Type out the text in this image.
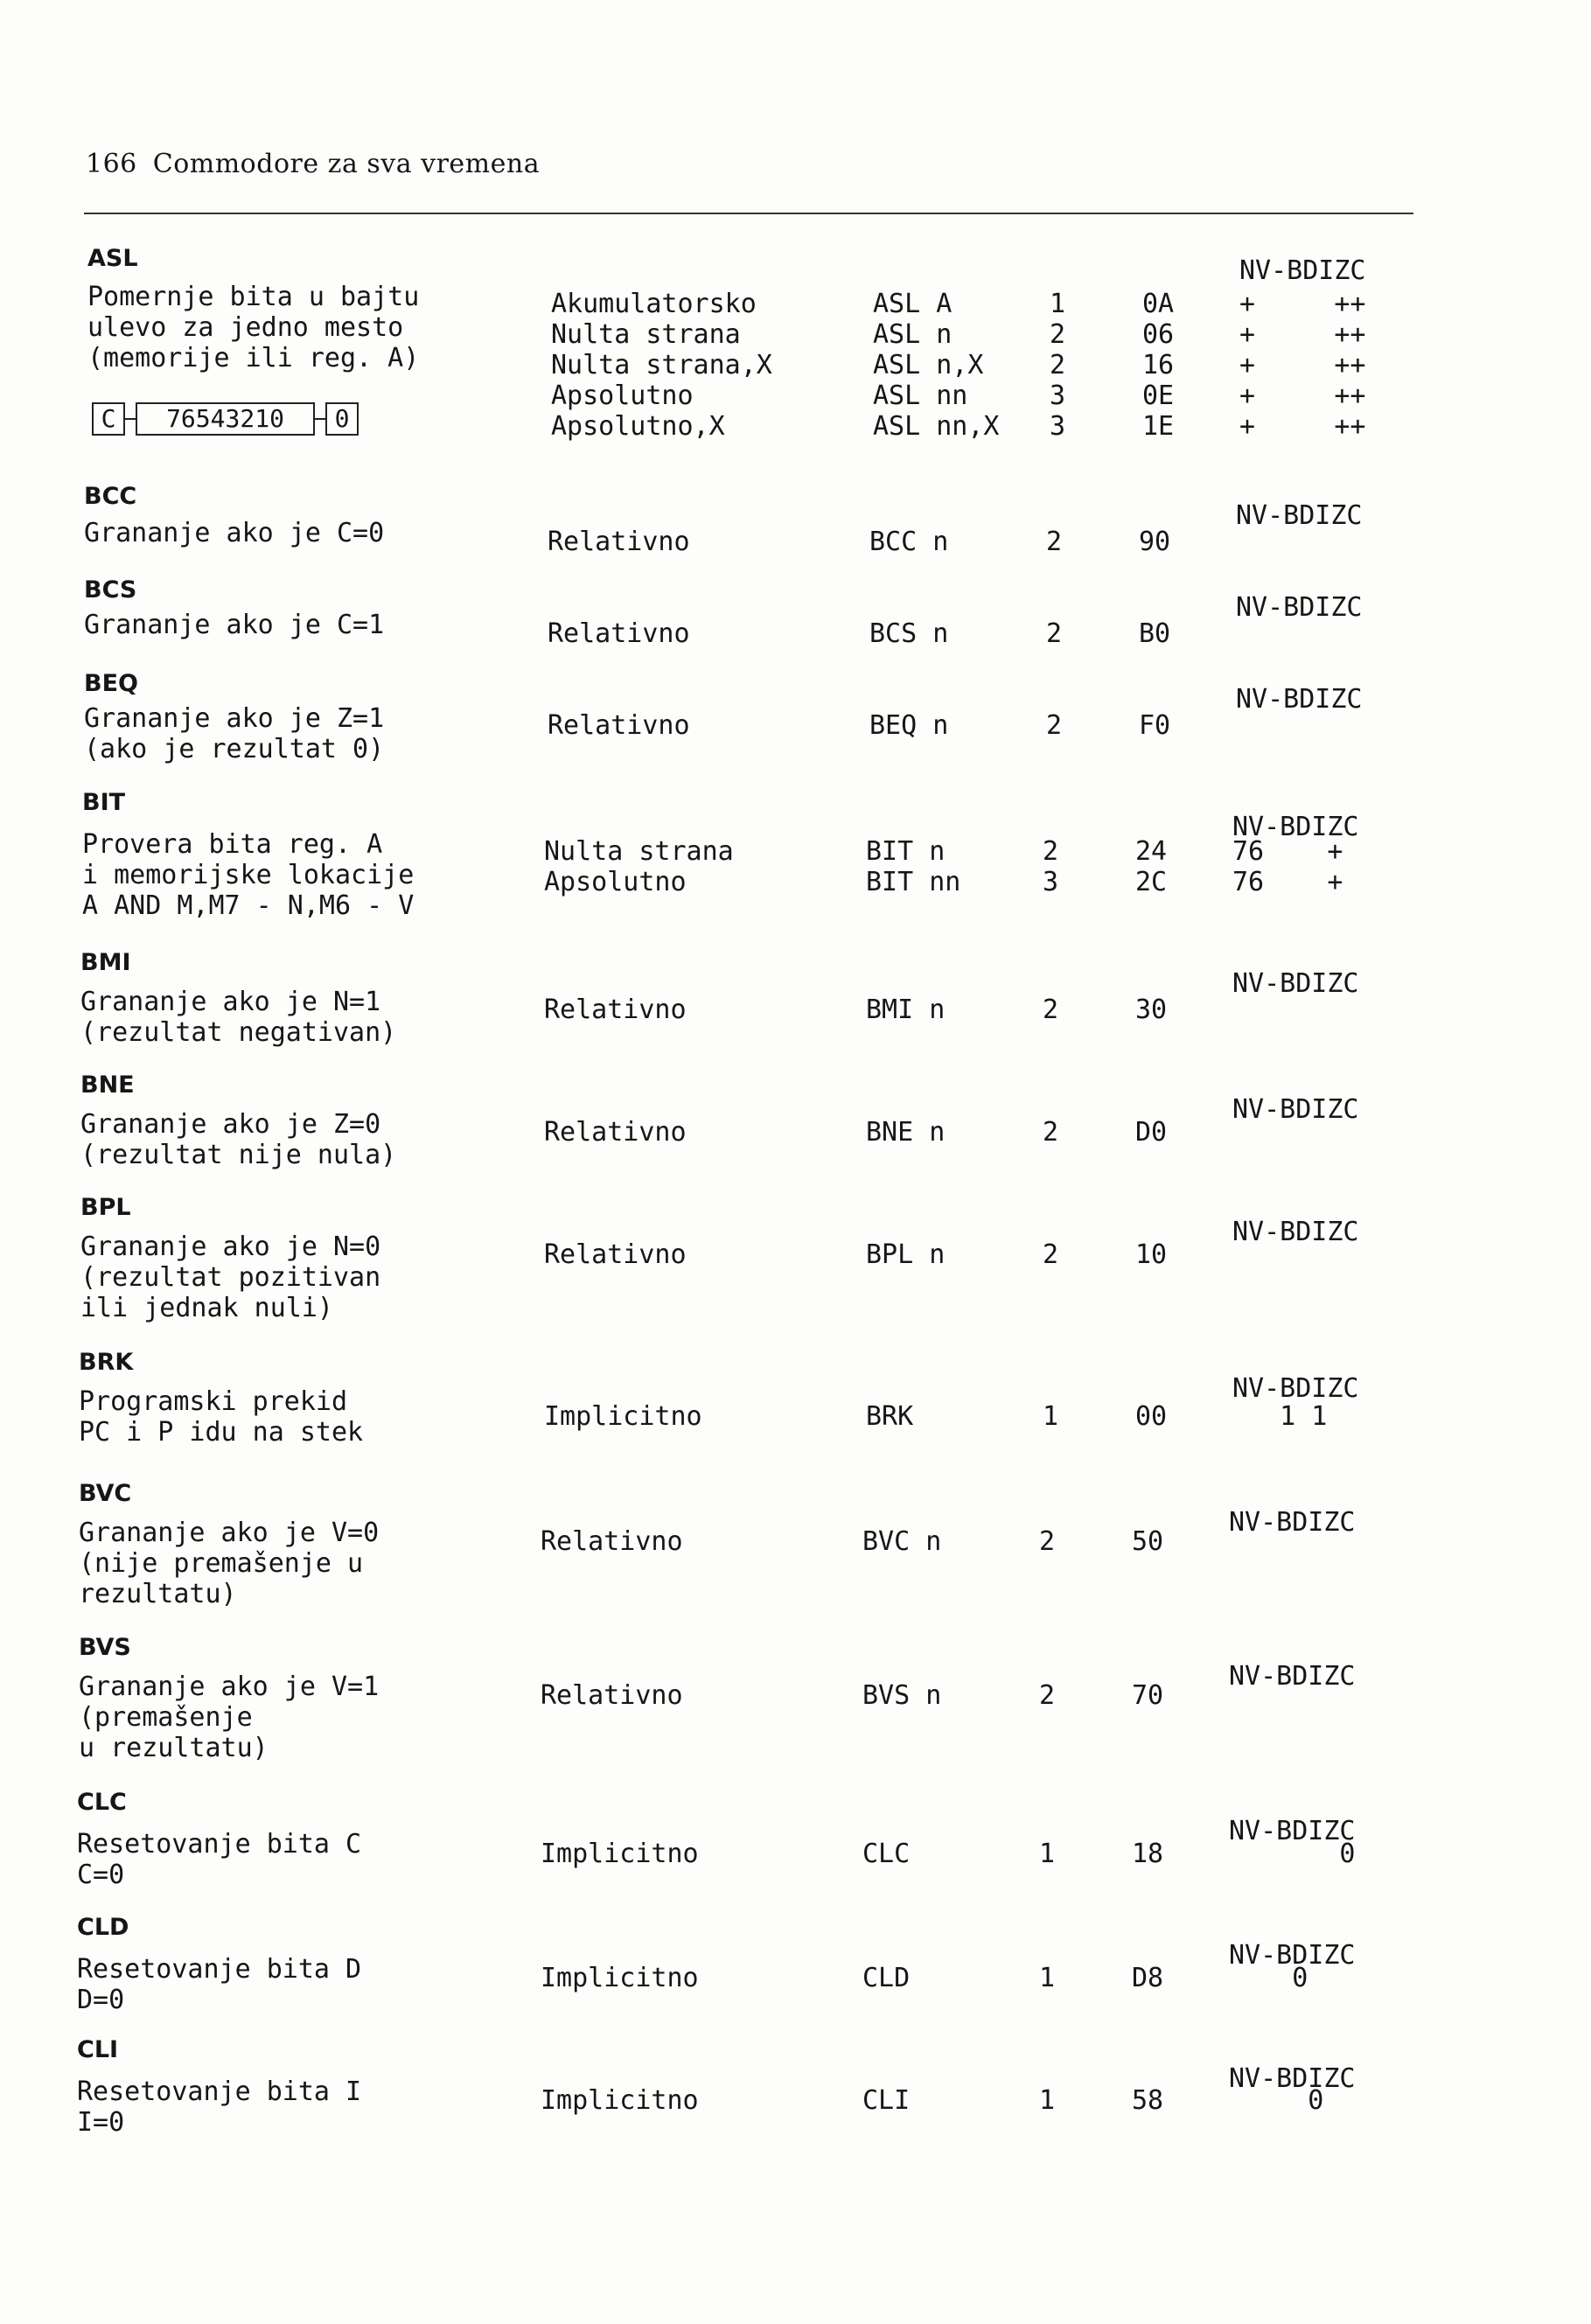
166 Commodore za sva vremena
C	76543210	0
ASL
Pomernje bita u bajtu
ulevo za jedno mesto
(memorije ili reg. A)
NV-BDIZC
Akumulatorsko	ASL A	1	0A +     ++
Nulta strana	ASL n	2	06 +     ++
Nulta strana,X	ASL n,X	2	16 +     ++
Apsolutno	ASL nn	3	0E +     ++
Apsolutno,X	ASL nn,X 3	1E +     ++
BCC
Grananje ako je C=0
NV-BDIZC
Relativno	BCC n	2	90
BCS
Grananje ako je C=1
NV-BDIZC
Relativno	BCS n	2	B0
BEQ
Grananje ako je Z=1
(ako je rezultat 0)
NV-BDIZC
Relativno	BEQ n	2	F0
BIT
Provera bita reg. A
i memorijske lokacije
A AND M,M7 - N,M6 - V
NV-BDIZC
Nulta strana	BIT n	2	24 76    +
Apsolutno	BIT nn	3	2C 76    +
BMI
Grananje ako je N=1
(rezultat negativan)
NV-BDIZC
Relativno	BMI n	2	30
BNE
Grananje ako je Z=0
(rezultat nije nula)
NV-BDIZC
Relativno	BNE n	2	D0
BPL
Grananje ako je N=0
(rezultat pozitivan
ili jednak nuli)
NV-BDIZC
Relativno	BPL n	2	10
BRK
Programski prekid
PC i P idu na stek
NV-BDIZC
Implicitno	BRK	1	00 1 1
BVC
Grananje ako je V=0
(nije premašenje u
rezultatu)
NV-BDIZC
Relativno	BVC n	2	50
BVS
Grananje ako je V=1
(premašenje
u rezultatu)
NV-BDIZC
Relativno	BVS n	2	70
CLC
Resetovanje bita C
C=0
NV-BDIZC
Implicitno	CLC	1	18 0
CLD
Resetovanje bita D
D=0
NV-BDIZC
Implicitno	CLD	1	D8 0
CLI
Resetovanje bita I
I=0
NV-BDIZC
Implicitno	CLI	1	58 0
